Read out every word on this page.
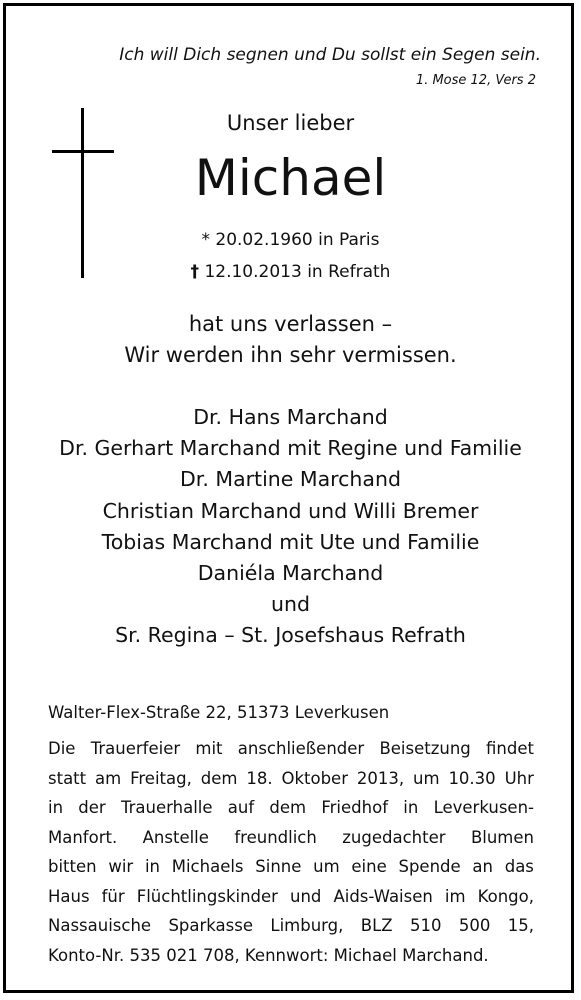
Ich will Dich segnen und Du sollst ein Segen sein.
1. Mose 12, Vers 2
Unser lieber
Michael
* 20.02.1960 in Paris
† 12.10.2013 in Refrath
hat uns verlassen –
Wir werden ihn sehr vermissen.
Dr. Hans Marchand
Dr. Gerhart Marchand mit Regine und Familie
Dr. Martine Marchand
Christian Marchand und Willi Bremer
Tobias Marchand mit Ute und Familie
Daniéla Marchand
und
Sr. Regina – St. Josefshaus Refrath
Walter-Flex-Straße 22, 51373 Leverkusen
Die Trauerfeier mit anschließender Beisetzung findet
statt am Freitag, dem 18. Oktober 2013, um 10.30 Uhr
in der Trauerhalle auf dem Friedhof in Leverkusen-
Manfort. Anstelle freundlich zugedachter Blumen
bitten wir in Michaels Sinne um eine Spende an das
Haus für Flüchtlingskinder und Aids-Waisen im Kongo,
Nassauische Sparkasse Limburg, BLZ 510 500 15,
Konto-Nr. 535 021 708, Kennwort: Michael Marchand.
